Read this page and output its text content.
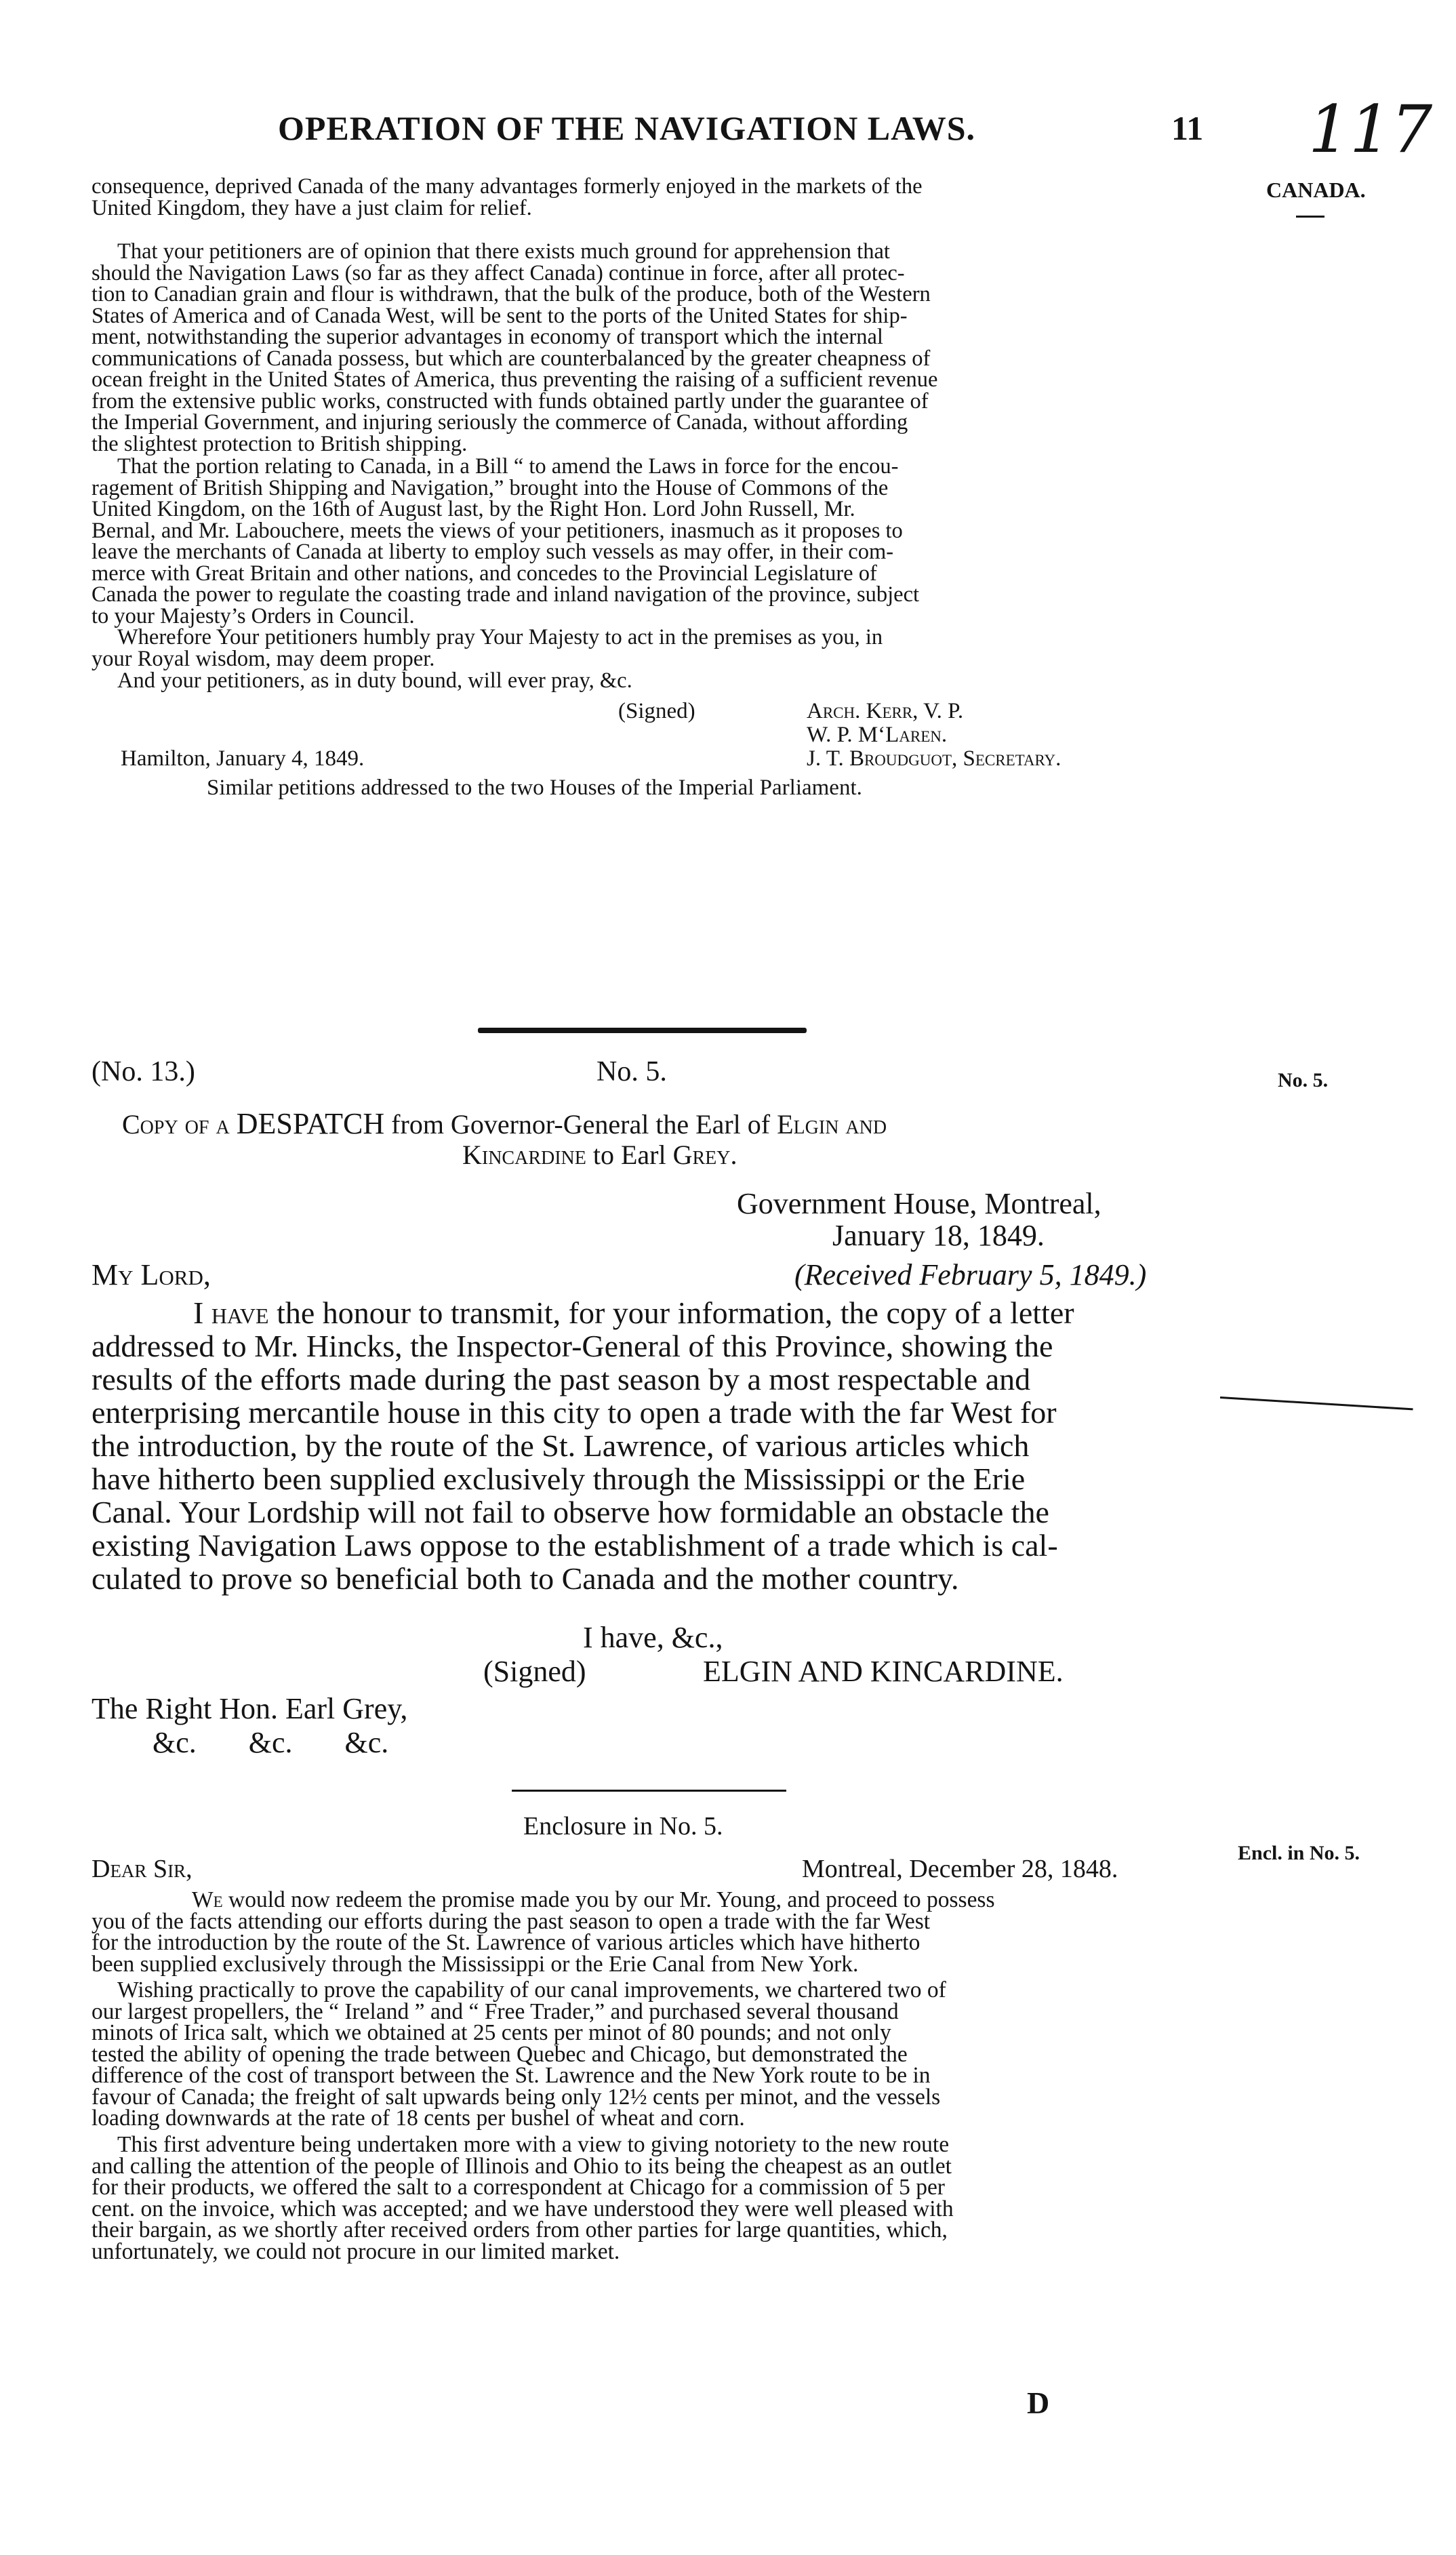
OPERATION OF THE NAVIGATION LAWS.	11 117
CANADA.
No. 5.
Encl. in No. 5.
consequence, deprived Canada of the many advantages formerly enjoyed in the markets of the
United Kingdom, they have a just claim for relief.
That your petitioners are of opinion that there exists much ground for apprehension that
should the Navigation Laws (so far as they affect Canada) continue in force, after all protec-
tion to Canadian grain and flour is withdrawn, that the bulk of the produce, both of the Western
States of America and of Canada West, will be sent to the ports of the United States for ship-
ment, notwithstanding the superior advantages in economy of transport which the internal
communications of Canada possess, but which are counterbalanced by the greater cheapness of
ocean freight in the United States of America, thus preventing the raising of a sufficient revenue
from the extensive public works, constructed with funds obtained partly under the guarantee of
the Imperial Government, and injuring seriously the commerce of Canada, without affording
the slightest protection to British shipping.
That the portion relating to Canada, in a Bill “ to amend the Laws in force for the encou-
ragement of British Shipping and Navigation,” brought into the House of Commons of the
United Kingdom, on the 16th of August last, by the Right Hon. Lord John Russell, Mr.
Bernal, and Mr. Labouchere, meets the views of your petitioners, inasmuch as it proposes to
leave the merchants of Canada at liberty to employ such vessels as may offer, in their com-
merce with Great Britain and other nations, and concedes to the Provincial Legislature of
Canada the power to regulate the coasting trade and inland navigation of the province, subject
to your Majesty’s Orders in Council.
Wherefore Your petitioners humbly pray Your Majesty to act in the premises as you, in
your Royal wisdom, may deem proper.
And your petitioners, as in duty bound, will ever pray, &c.
(Signed)	Arch. Kerr, V. P.
W. P. M‘Laren.
Hamilton, January 4, 1849.	J. T. Broudguot, Secretary.
Similar petitions addressed to the two Houses of the Imperial Parliament.
(No. 13.)	No. 5.
Copy of a DESPATCH from Governor-General the Earl of Elgin and
Kincardine to Earl Grey.
Government House, Montreal,
January 18, 1849.
My Lord,	(Received February 5, 1849.)
I have the honour to transmit, for your information, the copy of a letter
addressed to Mr. Hincks, the Inspector-General of this Province, showing the
results of the efforts made during the past season by a most respectable and
enterprising mercantile house in this city to open a trade with the far West for
the introduction, by the route of the St. Lawrence, of various articles which
have hitherto been supplied exclusively through the Mississippi or the Erie
Canal. Your Lordship will not fail to observe how formidable an obstacle the
existing Navigation Laws oppose to the establishment of a trade which is cal-
culated to prove so beneficial both to Canada and the mother country.
I have, &c.,
(Signed)	ELGIN AND KINCARDINE.
The Right Hon. Earl Grey,
&c.       &c.       &c.
Enclosure in No. 5.
Dear Sir,	Montreal, December 28, 1848.
We would now redeem the promise made you by our Mr. Young, and proceed to possess
you of the facts attending our efforts during the past season to open a trade with the far West
for the introduction by the route of the St. Lawrence of various articles which have hitherto
been supplied exclusively through the Mississippi or the Erie Canal from New York.
Wishing practically to prove the capability of our canal improvements, we chartered two of
our largest propellers, the “ Ireland ” and “ Free Trader,” and purchased several thousand
minots of Irica salt, which we obtained at 25 cents per minot of 80 pounds; and not only
tested the ability of opening the trade between Quebec and Chicago, but demonstrated the
difference of the cost of transport between the St. Lawrence and the New York route to be in
favour of Canada; the freight of salt upwards being only 12½ cents per minot, and the vessels
loading downwards at the rate of 18 cents per bushel of wheat and corn.
This first adventure being undertaken more with a view to giving notoriety to the new route
and calling the attention of the people of Illinois and Ohio to its being the cheapest as an outlet
for their products, we offered the salt to a correspondent at Chicago for a commission of 5 per
cent. on the invoice, which was accepted; and we have understood they were well pleased with
their bargain, as we shortly after received orders from other parties for large quantities, which,
unfortunately, we could not procure in our limited market.
D
